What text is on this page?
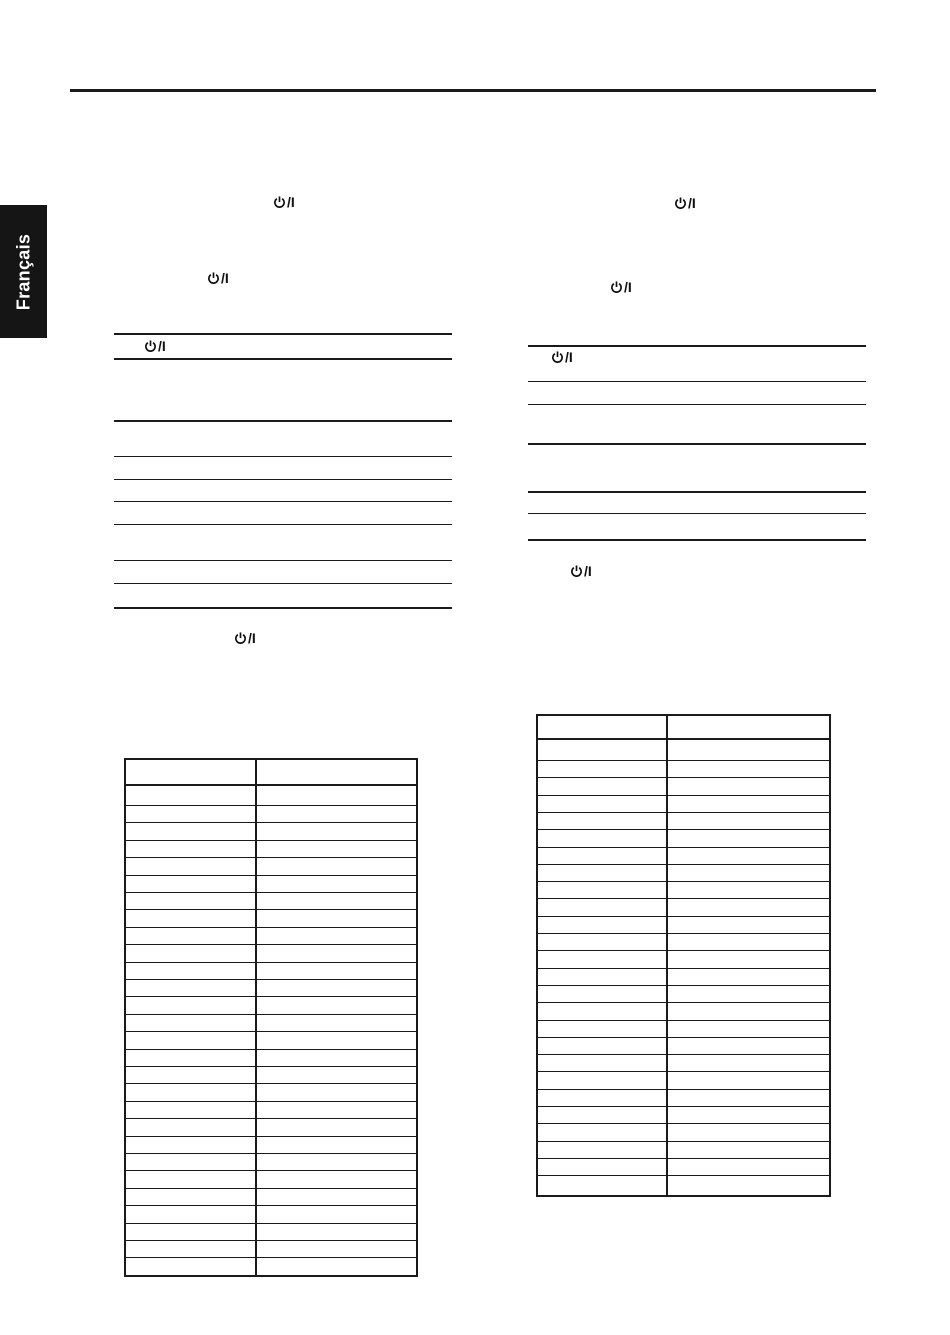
Français
/I
/I
/I
/I
/I
/I
/I
/I
